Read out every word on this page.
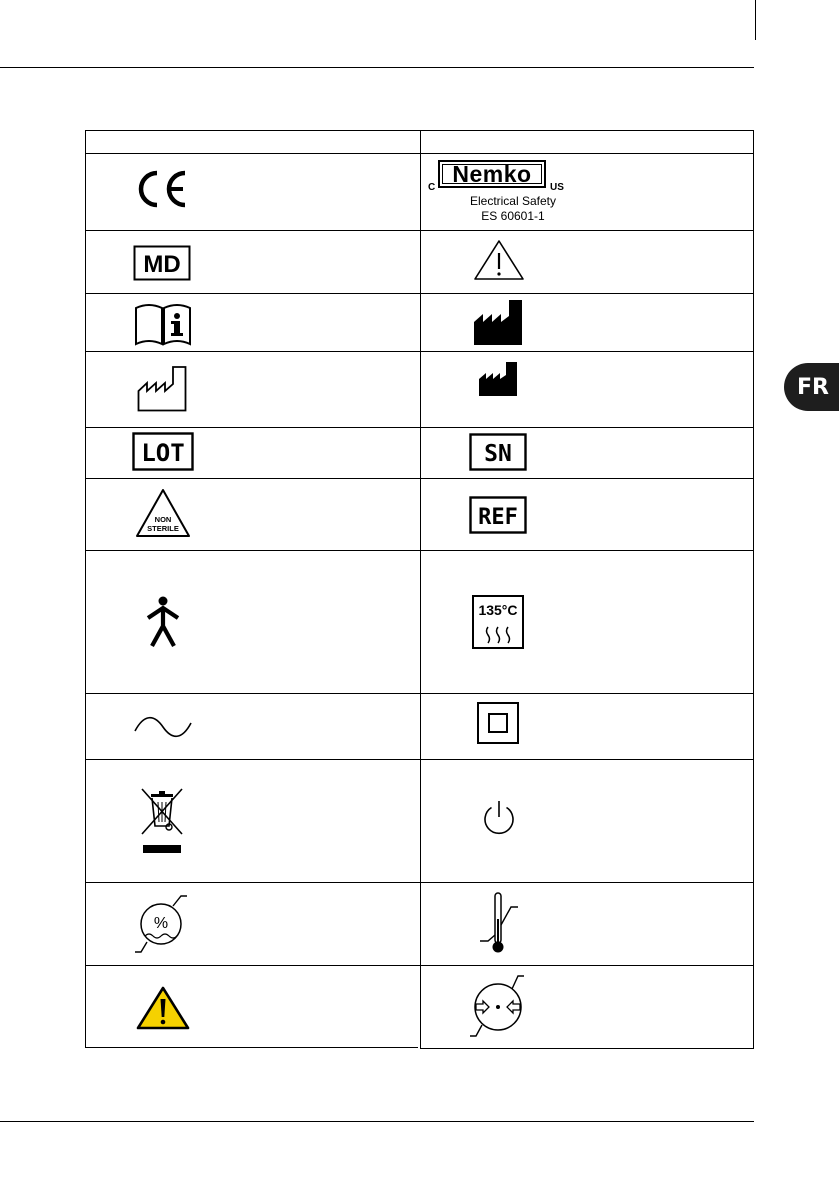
FR
C
Nemko
US
Electrical Safety
ES 60601-1
MD
LOT	SN
NON
STERILE	REF
135°C
%
